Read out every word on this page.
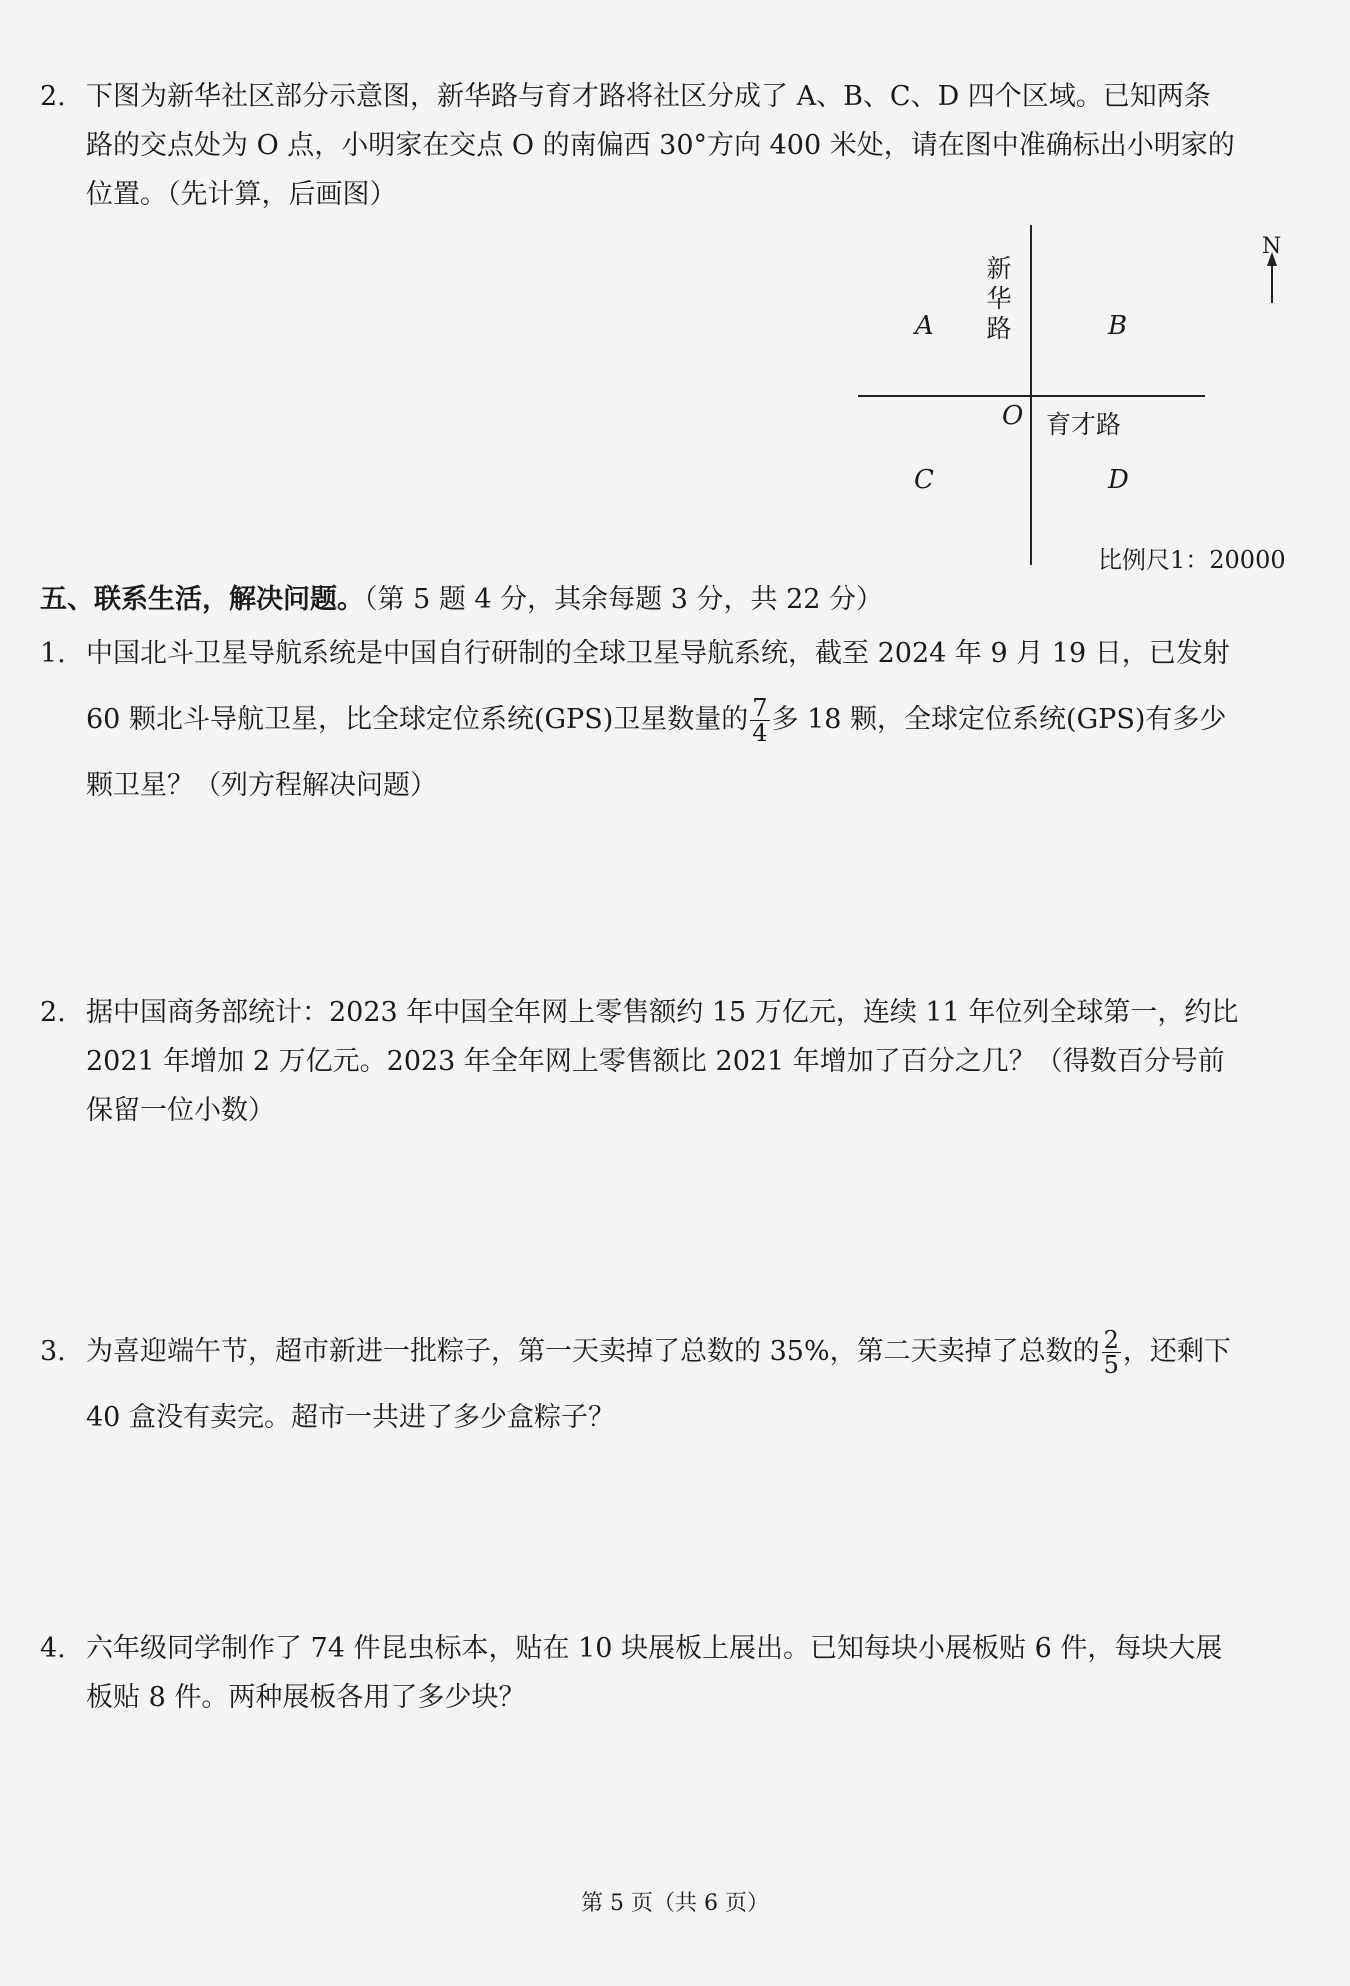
2. 下图为新华社区部分示意图，新华路与育才路将社区分成了 A、B、C、D 四个区域。已知两条
路的交点处为 O 点，小明家在交点 O 的南偏西 30°方向 400 米处，请在图中准确标出小明家的
位置。（先计算，后画图）
新
华
路
育才路
A	B
C	D
O
N
比例尺1：20000
五、联系生活，解决问题。（第 5 题 4 分，其余每题 3 分，共 22 分）
1. 中国北斗卫星导航系统是中国自行研制的全球卫星导航系统，截至 2024 年 9 月 19 日，已发射
60 颗北斗导航卫星，比全球定位系统(GPS)卫星数量的 $\frac{7}{4}$ 多 18 颗，全球定位系统(GPS)有多少
颗卫星？（列方程解决问题）
2. 据中国商务部统计：2023 年中国全年网上零售额约 15 万亿元，连续 11 年位列全球第一，约比
2021 年增加 2 万亿元。2023 年全年网上零售额比 2021 年增加了百分之几？（得数百分号前
保留一位小数）
3. 为喜迎端午节，超市新进一批粽子，第一天卖掉了总数的 35%，第二天卖掉了总数的 $\frac{2}{5}$ ，还剩下
40 盒没有卖完。超市一共进了多少盒粽子？
4. 六年级同学制作了 74 件昆虫标本，贴在 10 块展板上展出。已知每块小展板贴 6 件，每块大展
板贴 8 件。两种展板各用了多少块？
第 5 页（共 6 页）
